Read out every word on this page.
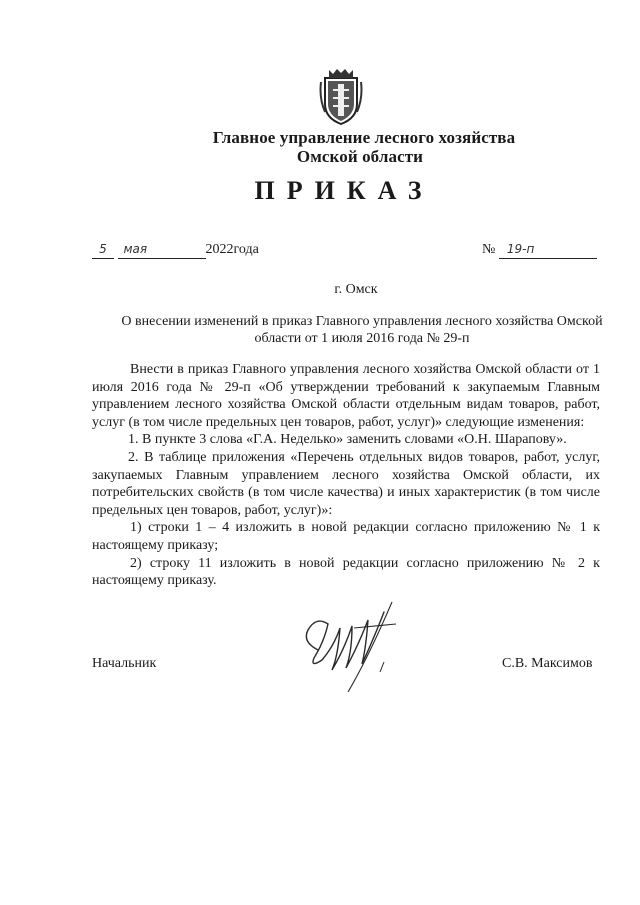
Главное управление лесного хозяйства
Омской области
ПРИКАЗ
5 мая	2022года	№ 19-п
г. Омск
О внесении изменений в приказ Главного управления лесного хозяйства Омской области от 1 июля 2016 года № 29-п

Внести в приказ Главного управления лесного хозяйства Омской области от 1 июля 2016 года № 29-п «Об утверждении требований к закупаемым Главным управлением лесного хозяйства Омской области отдельным видам товаров, работ, услуг (в том числе предельных цен товаров, работ, услуг)» следующие изменения:

1. В пункте 3 слова «Г.А. Неделько» заменить словами «О.Н. Шарапову».

2. В таблице приложения «Перечень отдельных видов товаров, работ, услуг, закупаемых Главным управлением лесного хозяйства Омской области, их потребительских свойств (в том числе качества) и иных характеристик (в том числе предельных цен товаров, работ, услуг)»:

1) строки 1 – 4 изложить в новой редакции согласно приложению № 1 к настоящему приказу;

2) строку 11 изложить в новой редакции согласно приложению № 2 к настоящему приказу.

Начальник	С.В. Максимов
